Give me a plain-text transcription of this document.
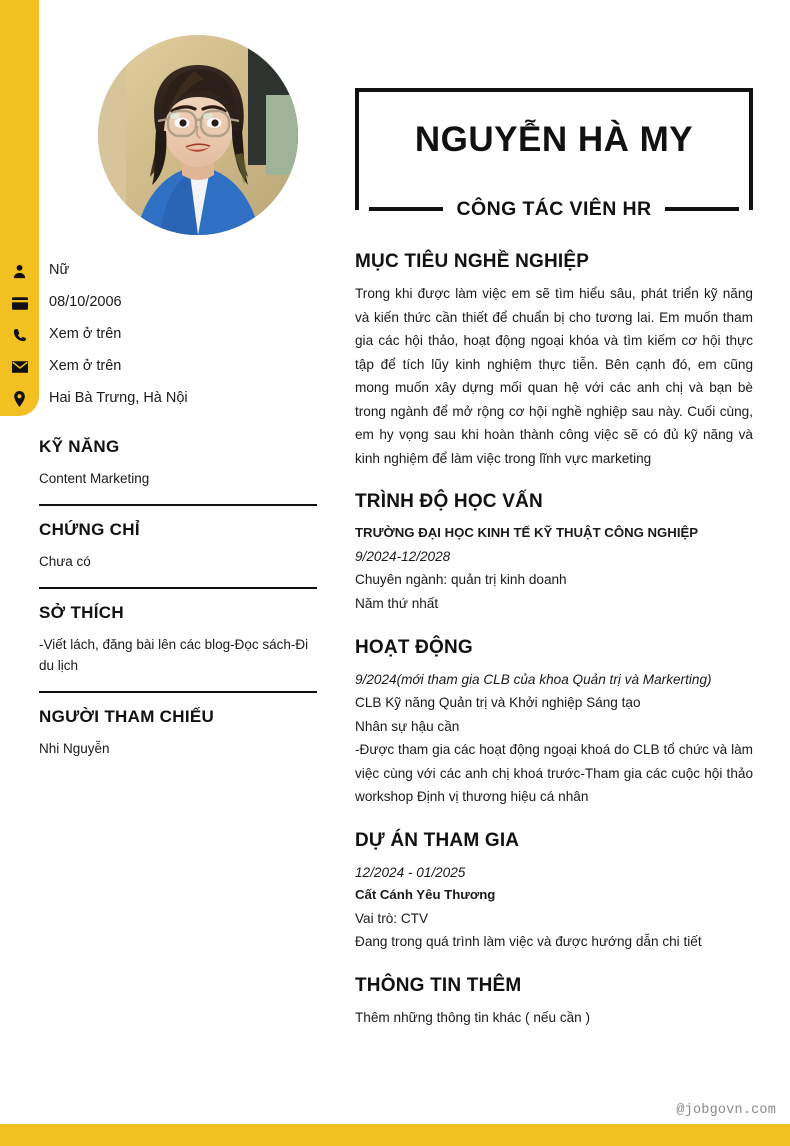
Nữ
08/10/2006
Xem ở trên
Xem ở trên
Hai Bà Trưng, Hà Nội
KỸ NĂNG
Content Marketing
CHỨNG CHỈ
Chưa có
SỞ THÍCH
-Viết lách, đăng bài lên các blog-Đọc sách-Đi du lịch
NGƯỜI THAM CHIẾU
Nhi Nguyễn
NGUYỄN HÀ MY
CÔNG TÁC VIÊN HR
MỤC TIÊU NGHỀ NGHIỆP
Trong khi được làm việc em sẽ tìm hiểu sâu, phát triển kỹ năng và kiến thức cần thiết để chuẩn bị cho tương lai. Em muốn tham gia các hội thảo, hoạt động ngoại khóa và tìm kiếm cơ hội thực tập để tích lũy kinh nghiệm thực tiễn. Bên cạnh đó, em cũng mong muốn xây dựng mối quan hệ với các anh chị và bạn bè trong ngành để mở rộng cơ hội nghề nghiệp sau này. Cuối cùng, em hy vọng sau khi hoàn thành công việc sẽ có đủ kỹ năng và kinh nghiệm để làm việc trong lĩnh vực marketing
TRÌNH ĐỘ HỌC VẤN
TRƯỜNG ĐẠI HỌC KINH TẾ KỸ THUẬT CÔNG NGHIỆP
9/2024-12/2028
Chuyên ngành: quản trị kinh doanh
Năm thứ nhất
HOẠT ĐỘNG
9/2024(mới tham gia CLB của khoa Quản trị và Markerting)
CLB Kỹ năng Quản trị và Khởi nghiệp Sáng tạo
Nhân sự hậu cần
-Được tham gia các hoạt động ngoại khoá do CLB tổ chức và làm việc cùng với các anh chị khoá trước-Tham gia các cuộc hội thảo workshop Định vị thương hiệu cá nhân
DỰ ÁN THAM GIA
12/2024 - 01/2025
Cất Cánh Yêu Thương
Vai trò: CTV
Đang trong quá trình làm việc và được hướng dẫn chi tiết
THÔNG TIN THÊM
Thêm những thông tin khác ( nếu cần )
@jobgovn.com
